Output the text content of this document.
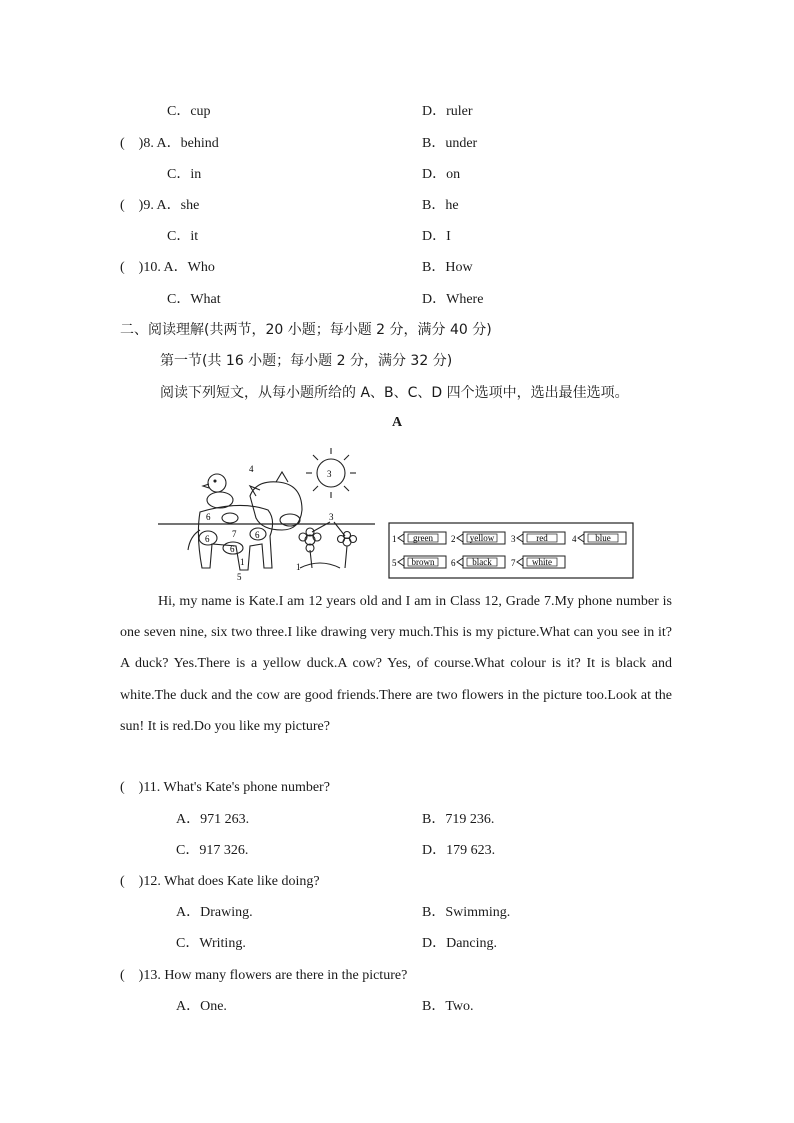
C．cup	D．ruler
(　)8. A．behind	B．under
C．in	D．on
(　)9. A．she	B．he
C．it	D．I
(　)10. A．Who	B．How
C．What	D．Where
二、阅读理解(共两节，20 小题；每小题 2 分，满分 40 分)
第一节(共 16 小题；每小题 2 分，满分 32 分)
阅读下列短文，从每小题所给的 A、B、C、D 四个选项中，选出最佳选项。
A
3
4
6	7
6
6
6
1
5
3
1
1 green 2 yellow 3 red	4 blue
5 brown 6 black 7 white

Hi, my name is Kate.I am 12 years old and I am in Class 12, Grade 7.My phone number is one seven nine, six two three.I like drawing very much.This is my picture.What can you see in it? A duck? Yes.There is a yellow duck.A cow? Yes, of course.What colour is it? It is black and white.The duck and the cow are good friends.There are two flowers in the picture too.Look at the sun! It is red.Do you like my picture?

(　)11. What's Kate's phone number?
A．971 263.	B．719 236.
C．917 326.	D．179 623.
(　)12. What does Kate like doing?
A．Drawing.	B．Swimming.
C．Writing.	D．Dancing.
(　)13. How many flowers are there in the picture?
A．One.	B．Two.
